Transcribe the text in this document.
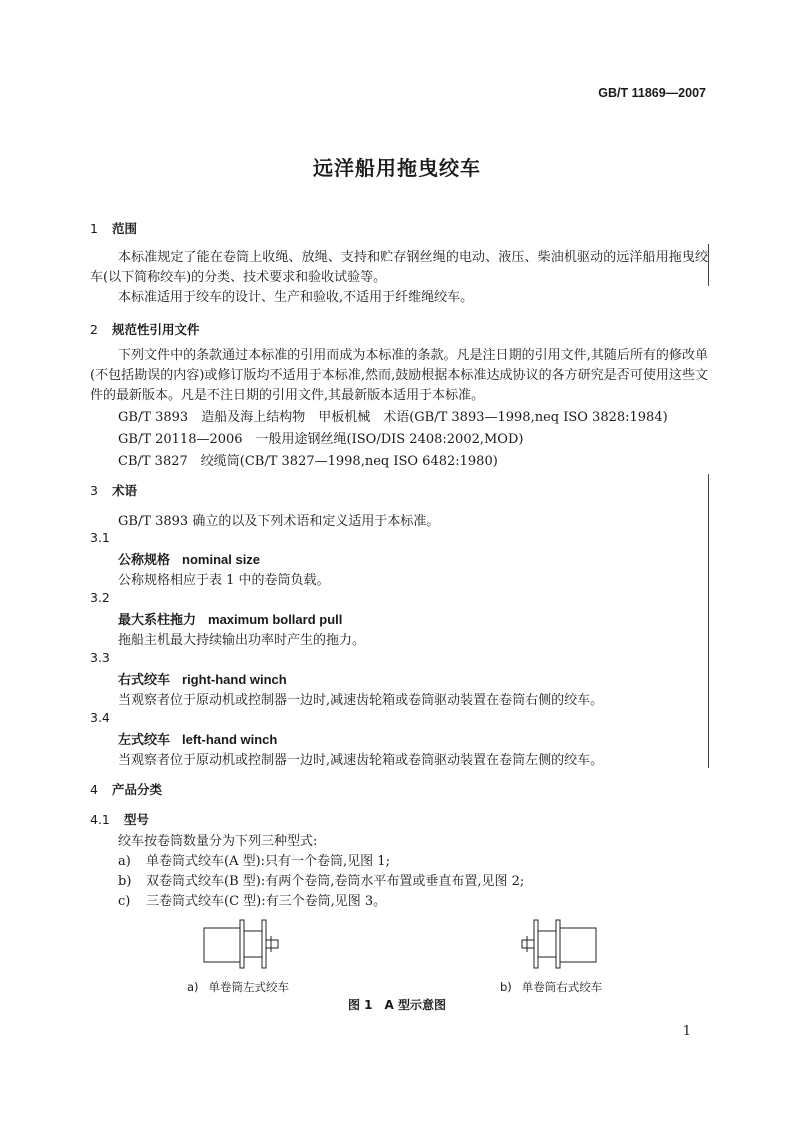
GB/T 11869—2007
远洋船用拖曳绞车
1 范围
本标准规定了能在卷筒上收绳、放绳、支持和贮存钢丝绳的电动、液压、柴油机驱动的远洋船用拖曳绞车(以下简称绞车)的分类、技术要求和验收试验等。
本标准适用于绞车的设计、生产和验收,不适用于纤维绳绞车。
2 规范性引用文件
下列文件中的条款通过本标准的引用而成为本标准的条款。凡是注日期的引用文件,其随后所有的修改单(不包括勘误的内容)或修订版均不适用于本标准,然而,鼓励根据本标准达成协议的各方研究是否可使用这些文件的最新版本。凡是不注日期的引用文件,其最新版本适用于本标准。
GB/T 3893　造船及海上结构物　甲板机械　术语(GB/T 3893—1998,neq ISO 3828:1984)
GB/T 20118—2006　一般用途钢丝绳(ISO/DIS 2408:2002,MOD)
CB/T 3827　绞缆筒(CB/T 3827—1998,neq ISO 6482:1980)
3 术语
GB/T 3893 确立的以及下列术语和定义适用于本标准。
3.1
公称规格 nominal size
公称规格相应于表 1 中的卷筒负载。
3.2
最大系柱拖力 maximum bollard pull
拖船主机最大持续输出功率时产生的拖力。
3.3
右式绞车 right-hand winch
当观察者位于原动机或控制器一边时,减速齿轮箱或卷筒驱动装置在卷筒右侧的绞车。
3.4
左式绞车 left-hand winch
当观察者位于原动机或控制器一边时,减速齿轮箱或卷筒驱动装置在卷筒左侧的绞车。
4 产品分类
4.1 型号
绞车按卷筒数量分为下列三种型式:
a) 单卷筒式绞车(A 型):只有一个卷筒,见图 1;
b) 双卷筒式绞车(B 型):有两个卷筒,卷筒水平布置或垂直布置,见图 2;
c) 三卷筒式绞车(C 型):有三个卷筒,见图 3。
a) 单卷筒左式绞车	b) 单卷筒右式绞车
图 1　A 型示意图
1
